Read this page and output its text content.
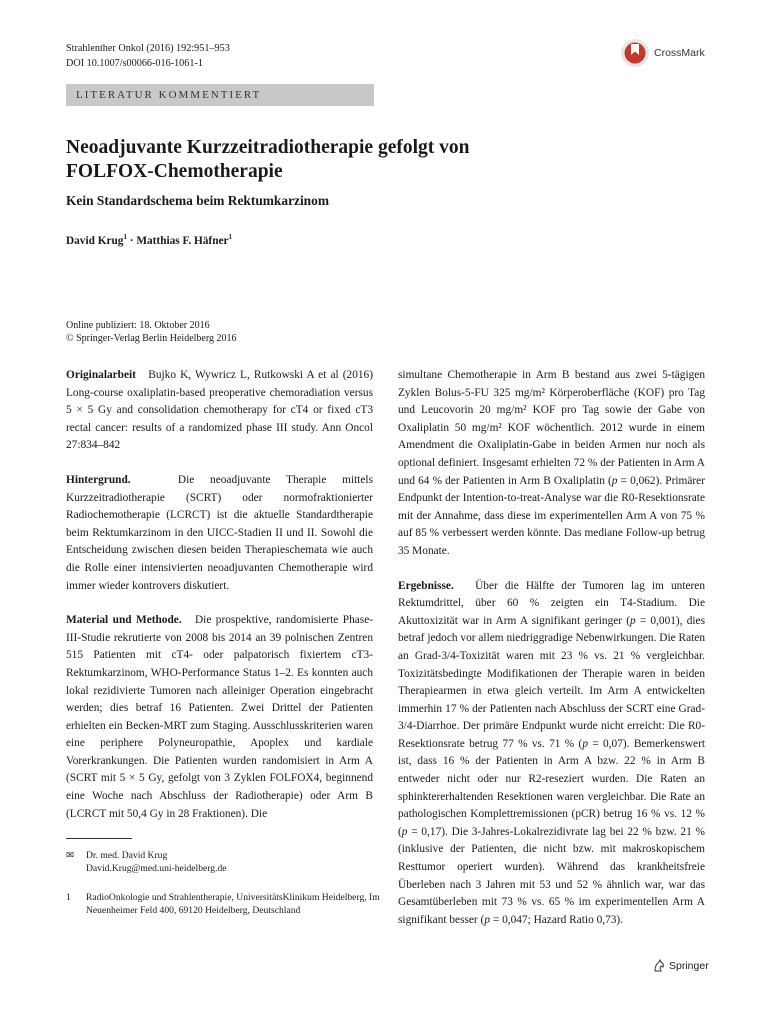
Strahlenther Onkol (2016) 192:951–953
DOI 10.1007/s00066-016-1061-1
CrossMark
LITERATUR KOMMENTIERT
Neoadjuvante Kurzzeitradiotherapie gefolgt von
FOLFOX-Chemotherapie
Kein Standardschema beim Rektumkarzinom
David Krug$^1$ · Matthias F. Häfner$^1$
Online publiziert: 18. Oktober 2016
© Springer-Verlag Berlin Heidelberg 2016

Originalarbeit Bujko K, Wywricz L, Rutkowski A et al (2016) Long-course oxaliplatin-based preoperative chemoradiation versus 5 × 5 Gy and consolidation chemotherapy for cT4 or fixed cT3 rectal cancer: results of a randomized phase III study. Ann Oncol 27:834–842

Hintergrund.	Die neoadjuvante Therapie mittels Kurzzeitradiotherapie (SCRT) oder normofraktionierter Radiochemotherapie (LCRCT) ist die aktuelle Standardtherapie beim Rektumkarzinom in den UICC-Stadien II und II. Sowohl die Entscheidung zwischen diesen beiden Therapieschemata wie auch die Rolle einer intensivierten neoadjuvanten Chemotherapie wird immer wieder kontrovers diskutiert.

Material und Methode. Die prospektive, randomisierte Phase-III-Studie rekrutierte von 2008 bis 2014 an 39 polnischen Zentren 515 Patienten mit cT4- oder palpatorisch fixiertem cT3-Rektumkarzinom, WHO-Performance Status 1–2. Es konnten auch lokal rezidivierte Tumoren nach alleiniger Operation eingebracht werden; dies betraf 16 Patienten. Zwei Drittel der Patienten erhielten ein Becken-MRT zum Staging. Ausschlusskriterien waren eine periphere Polyneuropathie, Apoplex und kardiale Vorerkrankungen. Die Patienten wurden randomisiert in Arm A (SCRT mit 5 × 5 Gy, gefolgt von 3 Zyklen FOLFOX4, beginnend eine Woche nach Abschluss der Radiotherapie) oder Arm B (LCRCT mit 50,4 Gy in 28 Fraktionen). Die

simultane Chemotherapie in Arm B bestand aus zwei 5-tägigen Zyklen Bolus-5-FU 325 mg/m² Körperoberfläche (KOF) pro Tag und Leucovorin 20 mg/m² KOF pro Tag sowie der Gabe von Oxaliplatin 50 mg/m² KOF wöchentlich. 2012 wurde in einem Amendment die Oxaliplatin-Gabe in beiden Armen nur noch als optional definiert. Insgesamt erhielten 72 % der Patienten in Arm A und 64 % der Patienten in Arm B Oxaliplatin (p = 0,062). Primärer Endpunkt der Intention-to-treat-Analyse war die R0-Resektionsrate mit der Annahme, dass diese im experimentellen Arm A von 75 % auf 85 % verbessert werden könnte. Das mediane Follow-up betrug 35 Monate.

Ergebnisse. Über die Hälfte der Tumoren lag im unteren Rektumdrittel, über 60 % zeigten ein T4-Stadium. Die Akuttoxizität war in Arm A signifikant geringer (p = 0,001), dies betraf jedoch vor allem niedriggradige Nebenwirkungen. Die Raten an Grad-3/4-Toxizität waren mit 23 % vs. 21 % vergleichbar. Toxizitätsbedingte Modifikationen der Therapie waren in beiden Therapiearmen in etwa gleich verteilt. Im Arm A entwickelten immerhin 17 % der Patienten nach Abschluss der SCRT eine Grad-3/4-Diarrhoe. Der primäre Endpunkt wurde nicht erreicht: Die R0-Resektionsrate betrug 77 % vs. 71 % (p = 0,07). Bemerkenswert ist, dass 16 % der Patienten in Arm A bzw. 22 % in Arm B entweder nicht oder nur R2-reseziert wurden. Die Raten an sphinktererhaltenden Resektionen waren vergleichbar. Die Rate an pathologischen Komplettremissionen (pCR) betrug 16 % vs. 12 % (p = 0,17). Die 3-Jahres-Lokalrezidivrate lag bei 22 % bzw. 21 % (inklusive der Patienten, die nicht bzw. mit makroskopischem Resttumor operiert wurden). Während das krankheitsfreie Überleben nach 3 Jahren mit 53 und 52 % ähnlich war, war das Gesamtüberleben mit 73 % vs. 65 % im experimentellen Arm A signifikant besser (p = 0,047; Hazard Ratio 0,73).

✉ Dr. med. David Krug
David.Krug@med.uni-heidelberg.de
1 RadioOnkologie und Strahlentherapie, UniversitätsKlinikum Heidelberg, Im Neuenheimer Feld 400, 69120 Heidelberg, Deutschland
Springer
